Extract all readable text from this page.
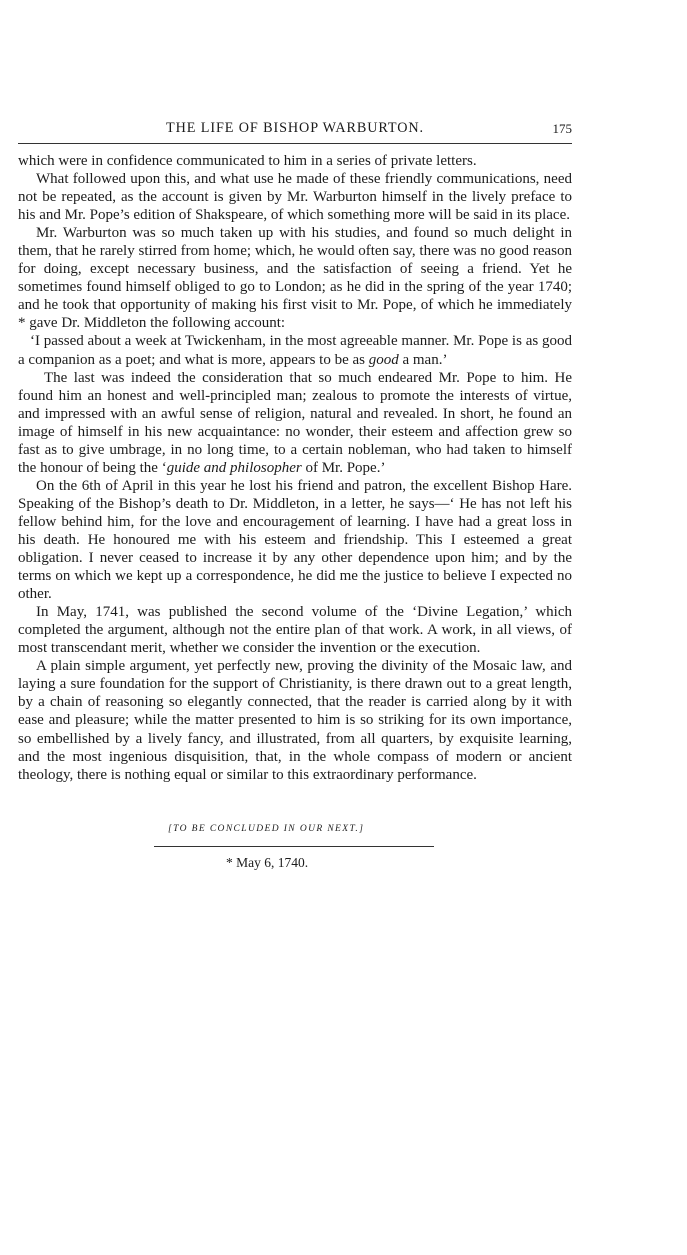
THE LIFE OF BISHOP WARBURTON.	175

which were in confidence communicated to him in a series of private letters.

What followed upon this, and what use he made of these friendly communications, need not be repeated, as the account is given by Mr. Warburton himself in the lively preface to his and Mr. Pope’s edition of Shakspeare, of which something more will be said in its place.

Mr. Warburton was so much taken up with his studies, and found so much delight in them, that he rarely stirred from home; which, he would often say, there was no good reason for doing, except necessary business, and the satisfaction of seeing a friend. Yet he sometimes found himself obliged to go to London; as he did in the spring of the year 1740; and he took that opportunity of making his first visit to Mr. Pope, of which he immediately * gave Dr. Middleton the following account:

‘I passed about a week at Twickenham, in the most agreeable manner. Mr. Pope is as good a companion as a poet; and what is more, appears to be as good a man.’

The last was indeed the consideration that so much endeared Mr. Pope to him. He found him an honest and well-principled man; zealous to promote the interests of virtue, and impressed with an awful sense of religion, natural and revealed. In short, he found an image of himself in his new acquaintance: no wonder, their esteem and affection grew so fast as to give umbrage, in no long time, to a certain nobleman, who had taken to himself the honour of being the ‘guide and philosopher of Mr. Pope.’

On the 6th of April in this year he lost his friend and patron, the excellent Bishop Hare. Speaking of the Bishop’s death to Dr. Middleton, in a letter, he says—‘ He has not left his fellow behind him, for the love and encouragement of learning. I have had a great loss in his death. He honoured me with his esteem and friendship. This I esteemed a great obligation. I never ceased to increase it by any other dependence upon him; and by the terms on which we kept up a correspondence, he did me the justice to believe I expected no other.

In May, 1741, was published the second volume of the ‘Divine Legation,’ which completed the argument, although not the entire plan of that work. A work, in all views, of most transcendant merit, whether we consider the invention or the execution.

A plain simple argument, yet perfectly new, proving the divinity of the Mosaic law, and laying a sure foundation for the support of Christianity, is there drawn out to a great length, by a chain of reasoning so elegantly connected, that the reader is carried along by it with ease and pleasure; while the matter presented to him is so striking for its own importance, so embellished by a lively fancy, and illustrated, from all quarters, by exquisite learning, and the most ingenious disquisition, that, in the whole compass of modern or ancient theology, there is nothing equal or similar to this extraordinary performance.

[TO BE CONCLUDED IN OUR NEXT.]
* May 6, 1740.
